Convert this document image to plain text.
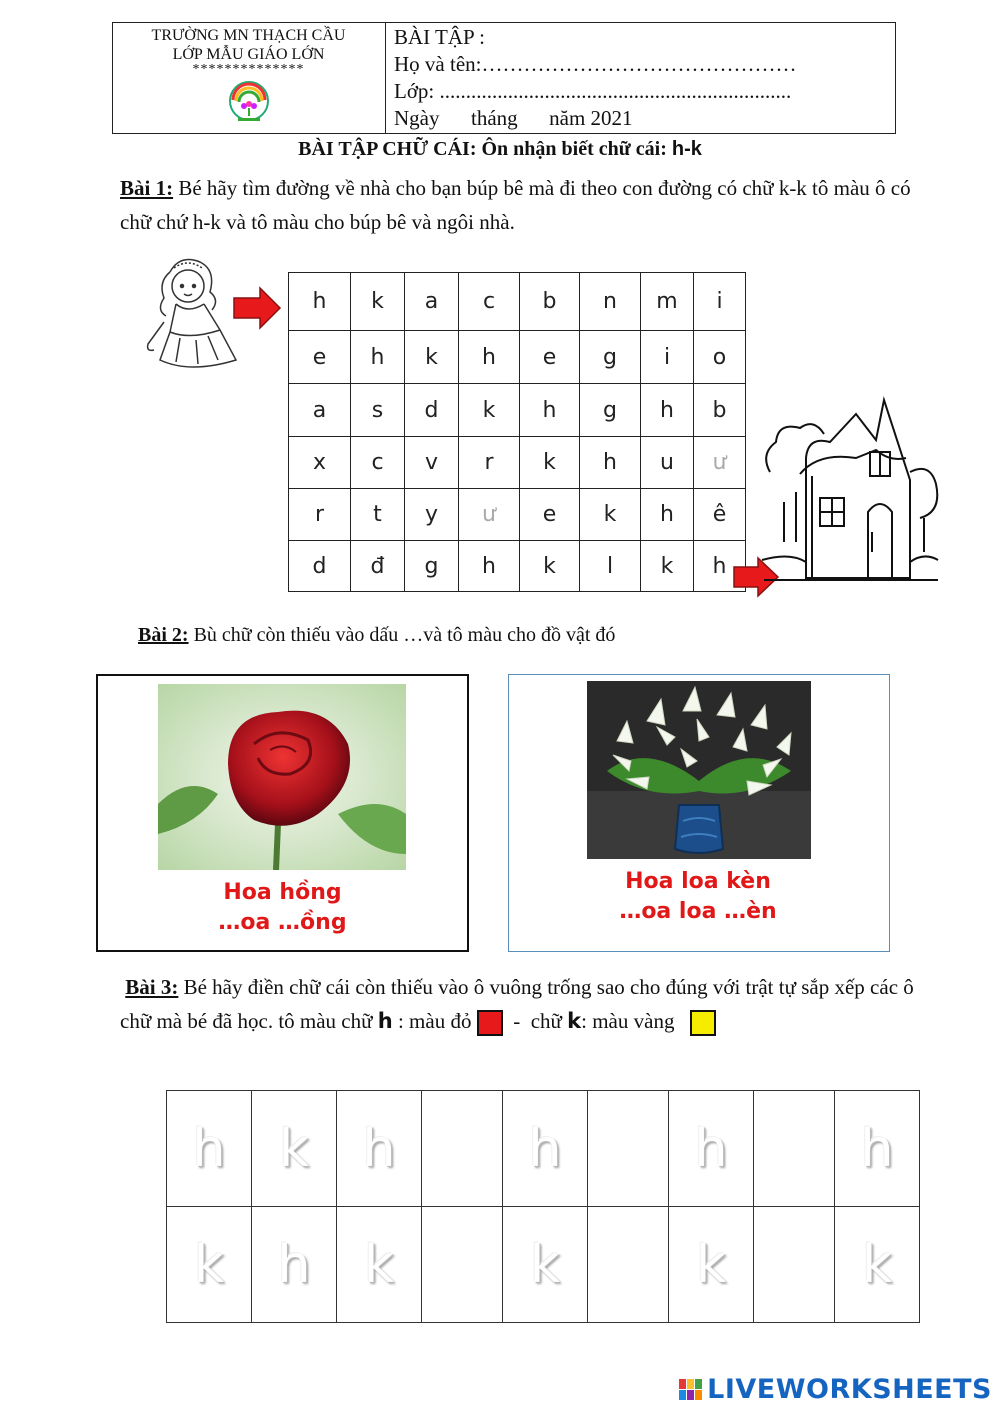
TRƯỜNG MN THẠCH CẦU
LỚP MẪU GIÁO LỚN
**************
BÀI TẬP :
Họ và tên:………………………………………
Lớp: ...................................................................
Ngày      tháng      năm 2021
BÀI TẬP CHỮ CÁI: Ôn nhận biết chữ cái: h-k
Bài 1: Bé hãy tìm đường về nhà cho bạn búp bê mà đi theo con đường có chữ k-k tô màu ô có chữ chứ h-k và tô màu cho búp bê và ngôi nhà.
h	k	a	c	b	n	m	i
e	h	k	h	e	g	i	o
a	s	d	k	h	g	h	b
x	c	v	r	k	h	u	ư
r	t	y	ư	e	k	h	ê
d	đ	g	h	k	l	k	h
Bài 2: Bù chữ còn thiếu vào dấu …và tô màu cho đồ vật đó
Hoa hồng
…oa …ồng
Hoa loa kèn
…oa loa …èn
Bài 3: Bé hãy điền chữ cái còn thiếu vào ô vuông trống sao cho đúng với trật tự sắp xếp các ô chữ mà bé đã học. tô màu chữ h : màu đỏ   -  chữ k: màu vàng
h	k	h		h		h		h
k	h	k		k		k		k
LIVEWORKSHEETS
